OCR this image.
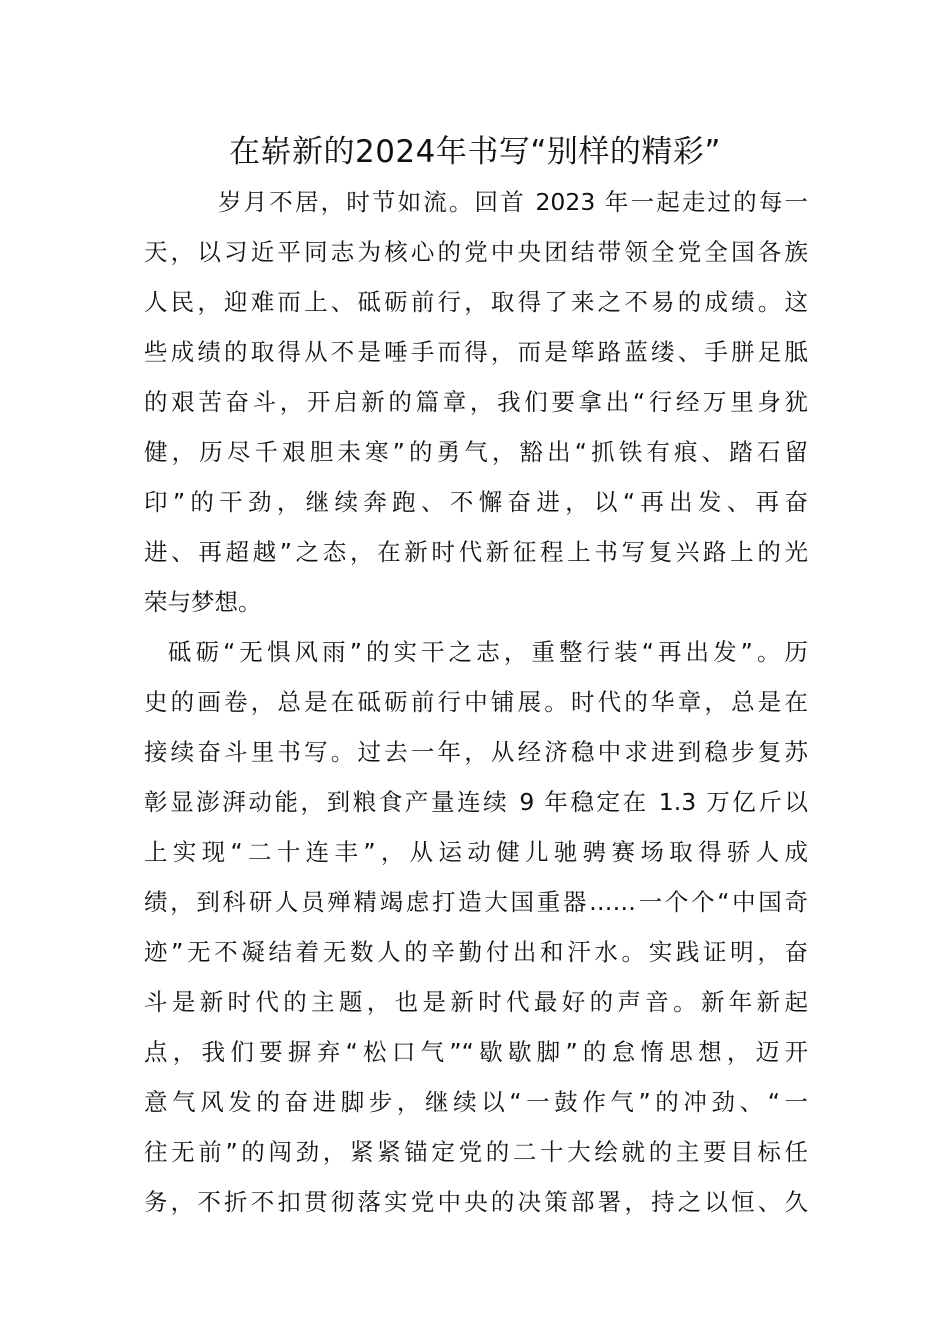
在崭新的2024年书写“别样的精彩”
岁月不居，时节如流。回首 2023 年一起走过的每一
天，以习近平同志为核心的党中央团结带领全党全国各族
人民，迎难而上、砥砺前行，取得了来之不易的成绩。这
些成绩的取得从不是唾手而得，而是筚路蓝缕、手胼足胝
的艰苦奋斗，开启新的篇章，我们要拿出“行经万里身犹
健，历尽千艰胆未寒”的勇气，豁出“抓铁有痕、踏石留
印”的干劲，继续奔跑、不懈奋进，以“再出发、再奋
进、再超越”之态，在新时代新征程上书写复兴路上的光
荣与梦想。
砥砺“无惧风雨”的实干之志，重整行装“再出发”。历
史的画卷，总是在砥砺前行中铺展。时代的华章，总是在
接续奋斗里书写。过去一年，从经济稳中求进到稳步复苏
彰显澎湃动能，到粮食产量连续 9 年稳定在 1.3 万亿斤以
上实现“二十连丰”，从运动健儿驰骋赛场取得骄人成
绩，到科研人员殚精竭虑打造大国重器……一个个“中国奇
迹”无不凝结着无数人的辛勤付出和汗水。实践证明，奋
斗是新时代的主题，也是新时代最好的声音。新年新起
点，我们要摒弃“松口气”“歇歇脚”的怠惰思想，迈开
意气风发的奋进脚步，继续以“一鼓作气”的冲劲、“一
往无前”的闯劲，紧紧锚定党的二十大绘就的主要目标任
务，不折不扣贯彻落实党中央的决策部署，持之以恒、久
